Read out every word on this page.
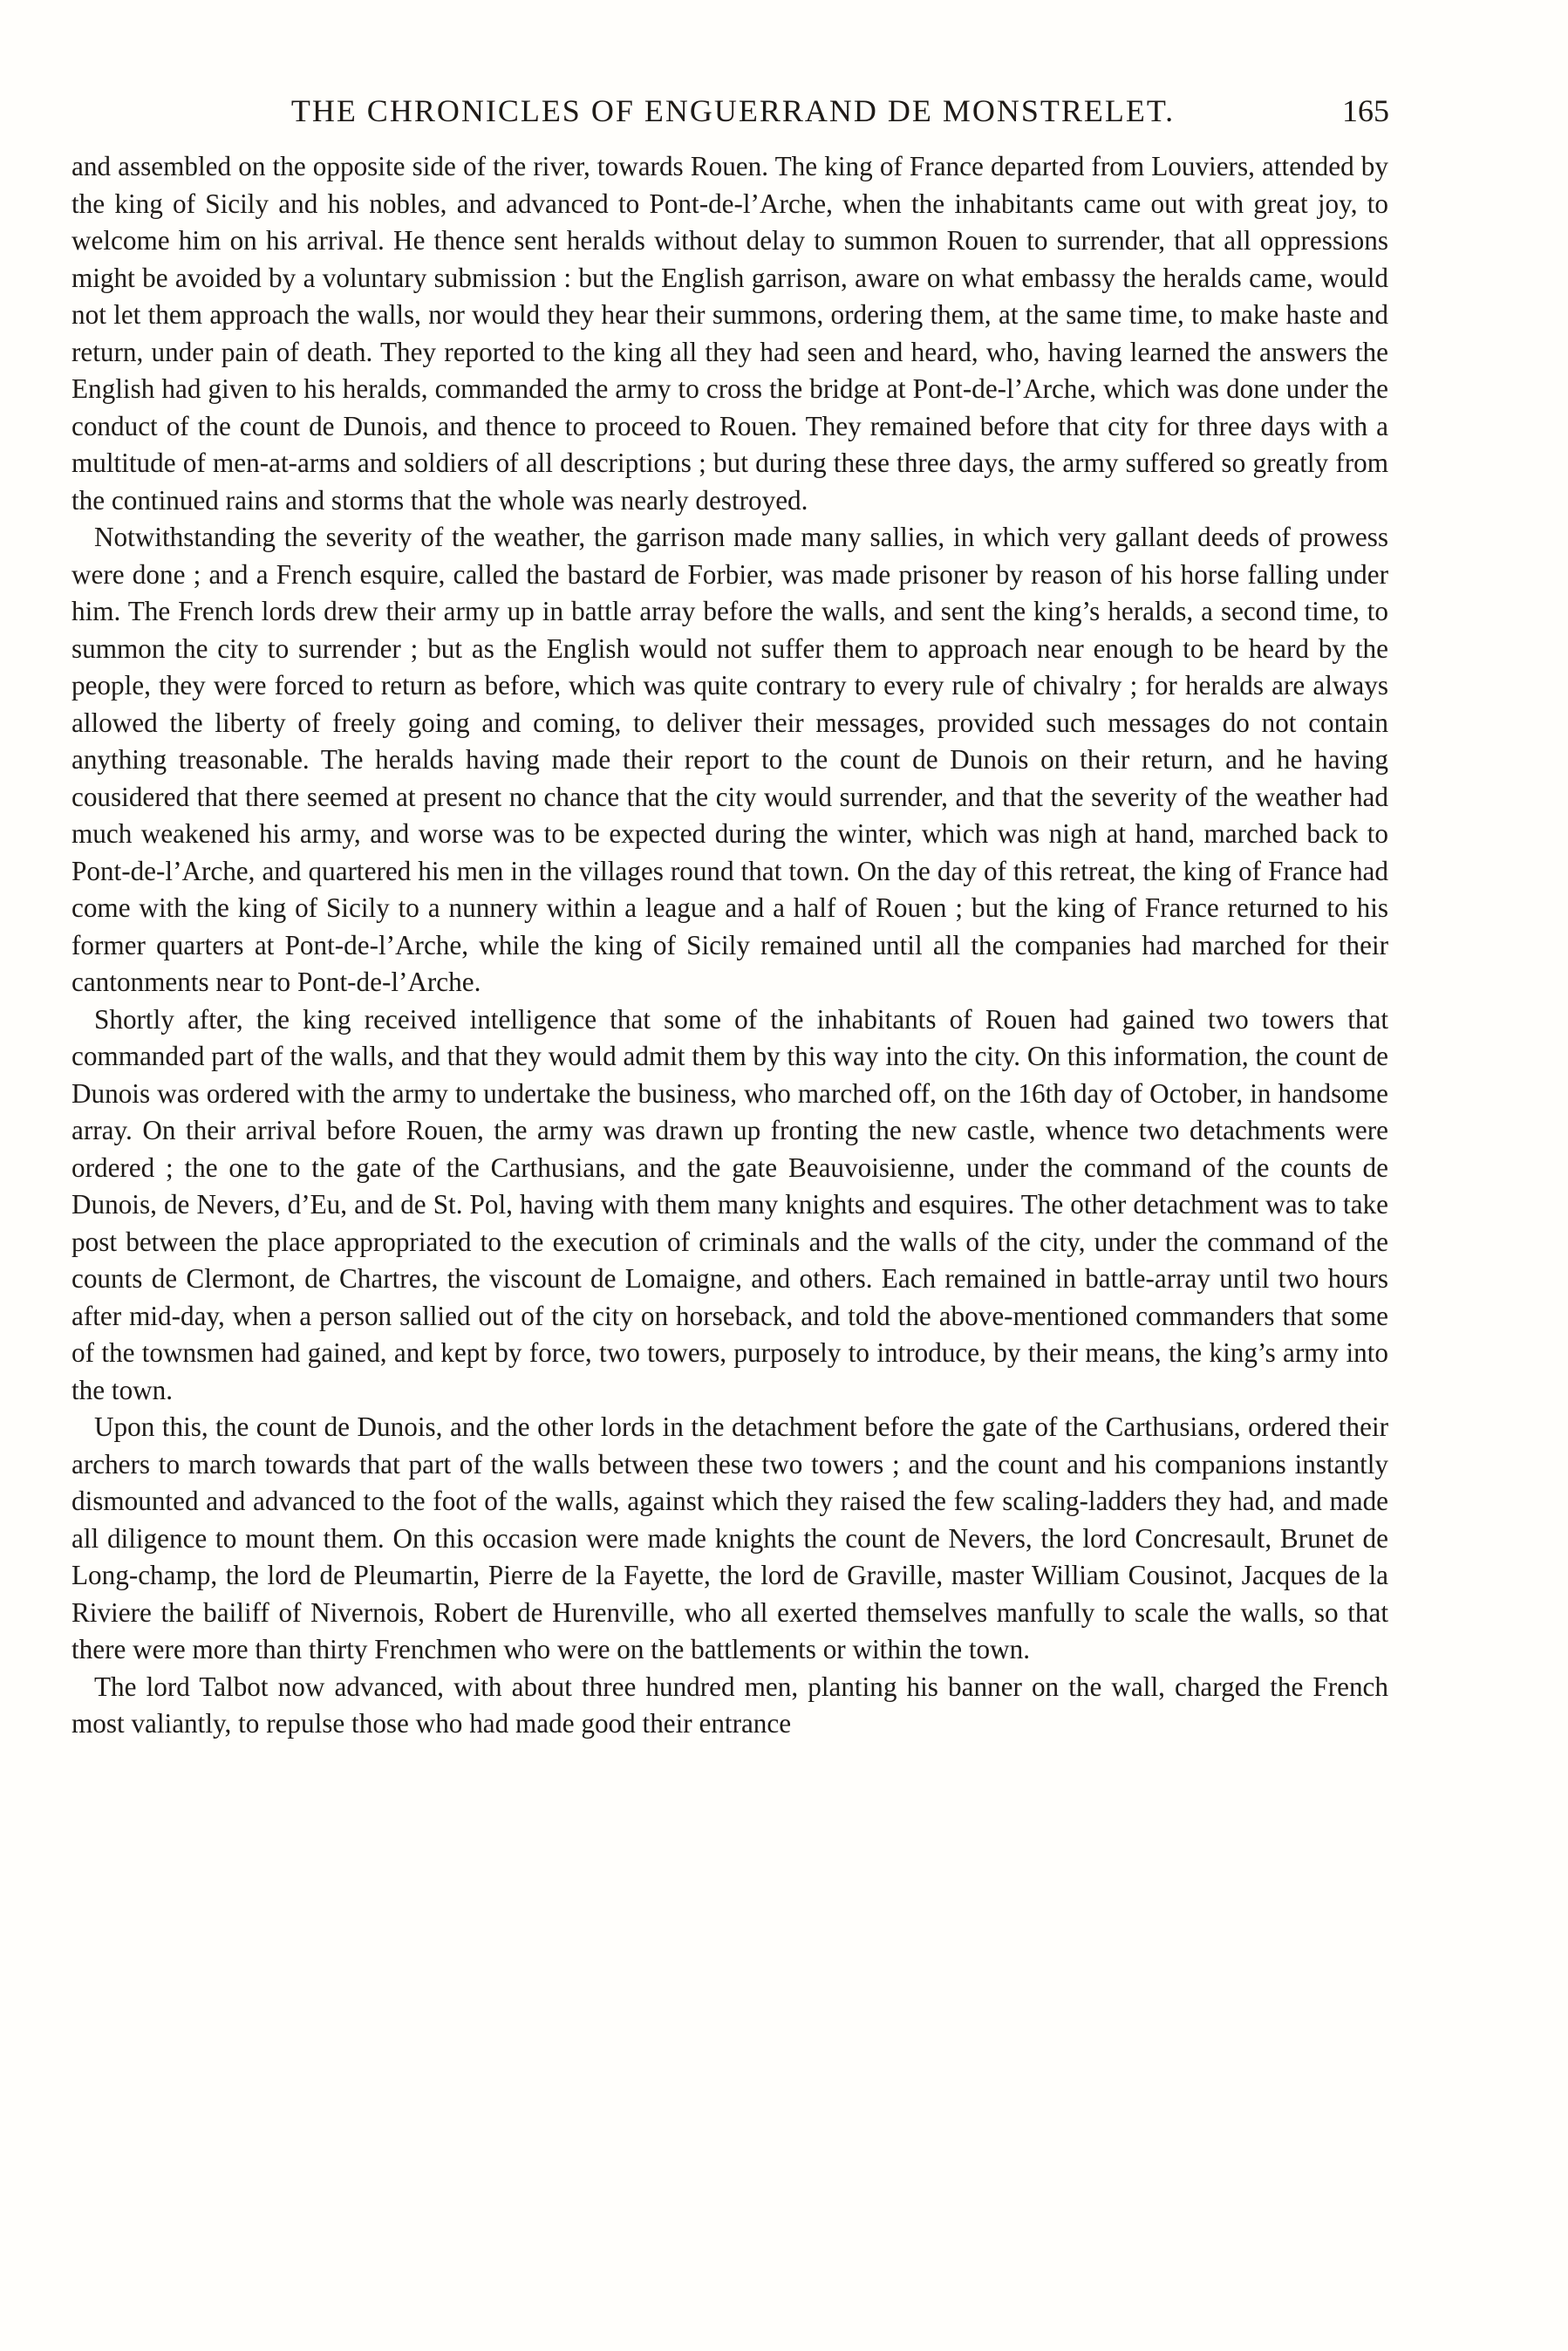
THE CHRONICLES OF ENGUERRAND DE MONSTRELET.	165

and assembled on the opposite side of the river, towards Rouen. The king of France departed from Louviers, attended by the king of Sicily and his nobles, and advanced to Pont-de-l’Arche, when the inhabitants came out with great joy, to welcome him on his arrival. He thence sent heralds without delay to summon Rouen to surrender, that all oppressions might be avoided by a voluntary submission : but the English garrison, aware on what embassy the heralds came, would not let them approach the walls, nor would they hear their summons, ordering them, at the same time, to make haste and return, under pain of death. They reported to the king all they had seen and heard, who, having learned the answers the English had given to his heralds, commanded the army to cross the bridge at Pont-de-l’Arche, which was done under the conduct of the count de Dunois, and thence to proceed to Rouen. They remained before that city for three days with a multitude of men-at-arms and soldiers of all descriptions ; but during these three days, the army suffered so greatly from the continued rains and storms that the whole was nearly destroyed.

Notwithstanding the severity of the weather, the garrison made many sallies, in which very gallant deeds of prowess were done ; and a French esquire, called the bastard de Forbier, was made prisoner by reason of his horse falling under him. The French lords drew their army up in battle array before the walls, and sent the king’s heralds, a second time, to summon the city to surrender ; but as the English would not suffer them to approach near enough to be heard by the people, they were forced to return as before, which was quite contrary to every rule of chivalry ; for heralds are always allowed the liberty of freely going and coming, to deliver their messages, provided such messages do not contain anything treasonable. The heralds having made their report to the count de Dunois on their return, and he having cousidered that there seemed at present no chance that the city would surrender, and that the severity of the weather had much weakened his army, and worse was to be expected during the winter, which was nigh at hand, marched back to Pont-de-l’Arche, and quartered his men in the villages round that town. On the day of this retreat, the king of France had come with the king of Sicily to a nunnery within a league and a half of Rouen ; but the king of France returned to his former quarters at Pont-de-l’Arche, while the king of Sicily remained until all the companies had marched for their cantonments near to Pont-de-l’Arche.

Shortly after, the king received intelligence that some of the inhabitants of Rouen had gained two towers that commanded part of the walls, and that they would admit them by this way into the city. On this information, the count de Dunois was ordered with the army to undertake the business, who marched off, on the 16th day of October, in handsome array. On their arrival before Rouen, the army was drawn up fronting the new castle, whence two detachments were ordered ; the one to the gate of the Carthusians, and the gate Beauvoisienne, under the command of the counts de Dunois, de Nevers, d’Eu, and de St. Pol, having with them many knights and esquires. The other detachment was to take post between the place appropriated to the execution of criminals and the walls of the city, under the command of the counts de Clermont, de Chartres, the viscount de Lomaigne, and others. Each remained in battle-array until two hours after mid-day, when a person sallied out of the city on horseback, and told the above-mentioned commanders that some of the townsmen had gained, and kept by force, two towers, purposely to introduce, by their means, the king’s army into the town.

Upon this, the count de Dunois, and the other lords in the detachment before the gate of the Carthusians, ordered their archers to march towards that part of the walls between these two towers ; and the count and his companions instantly dismounted and advanced to the foot of the walls, against which they raised the few scaling-ladders they had, and made all diligence to mount them. On this occasion were made knights the count de Nevers, the lord Concresault, Brunet de Long-champ, the lord de Pleumartin, Pierre de la Fayette, the lord de Graville, master William Cousinot, Jacques de la Riviere the bailiff of Nivernois, Robert de Hurenville, who all exerted themselves manfully to scale the walls, so that there were more than thirty Frenchmen who were on the battlements or within the town.

The lord Talbot now advanced, with about three hundred men, planting his banner on the wall, charged the French most valiantly, to repulse those who had made good their entrance
